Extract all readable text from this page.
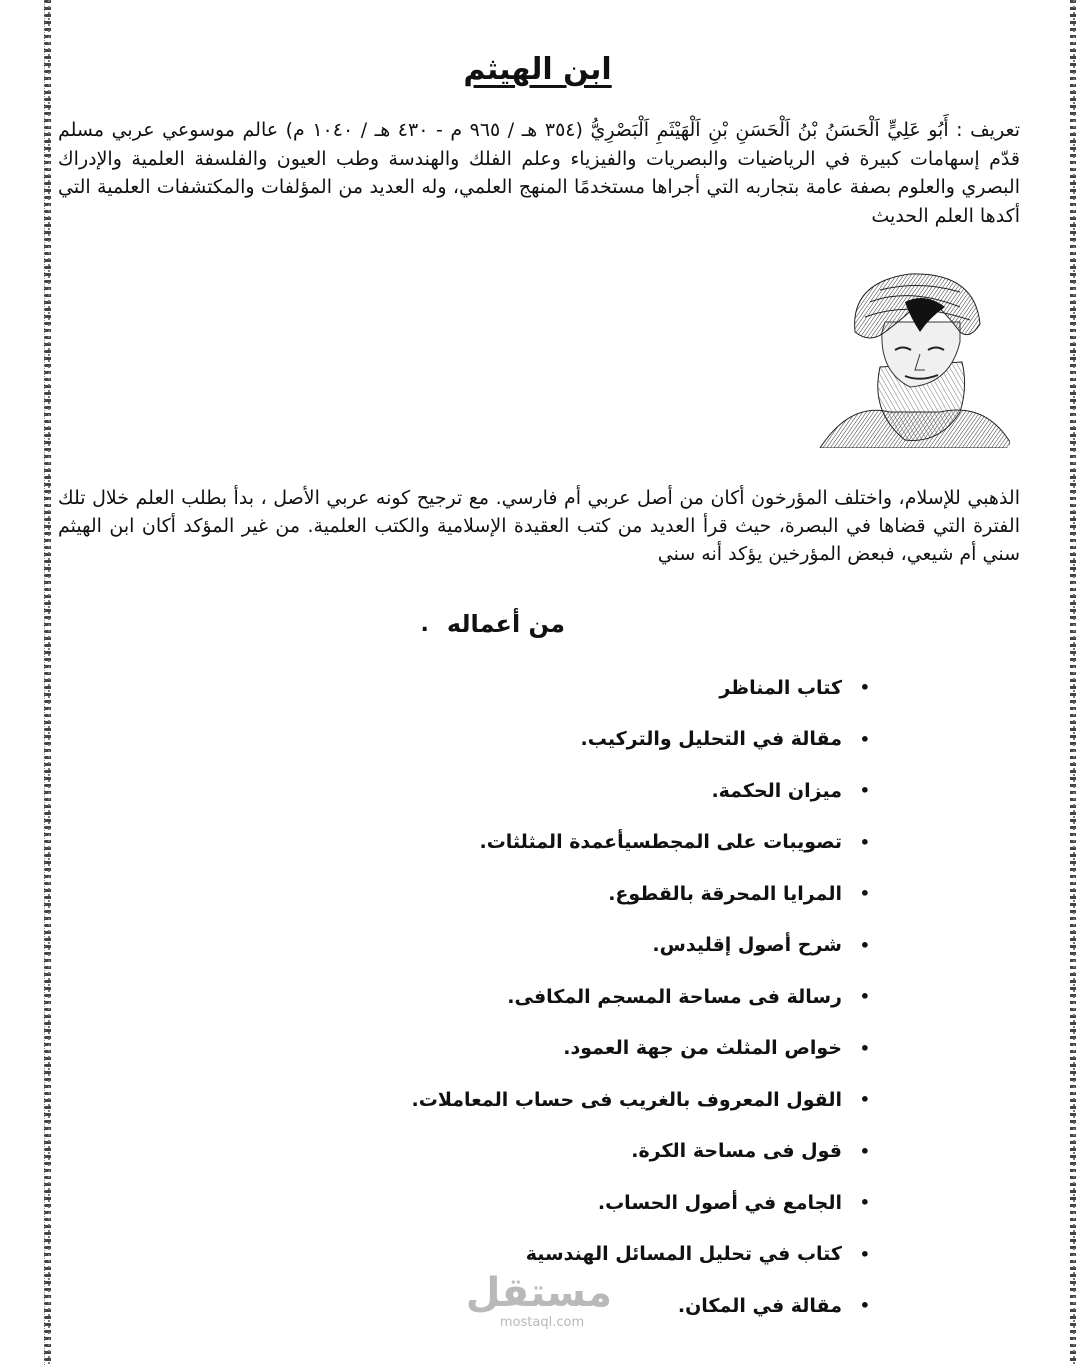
ابن الهيثم
تعريف : أَبُو عَلِيٍّ اَلْحَسَنُ بْنُ اَلْحَسَنِ بْنِ اَلْهَيْثَمِ اَلْبَصْرِيُّ (٣٥٤ هـ / ٩٦٥ م - ٤٣٠ هـ / ١٠٤٠ م) عالم موسوعي عربي مسلم قدّم إسهامات كبيرة في الرياضيات والبصريات والفيزياء وعلم الفلك والهندسة وطب العيون والفلسفة العلمية والإدراك البصري والعلوم بصفة عامة بتجاربه التي أجراها مستخدمًا المنهج العلمي، وله العديد من المؤلفات والمكتشفات العلمية التي أكدها العلم الحديث
الذهبي للإسلام، واختلف المؤرخون أكان من أصل عربي أم فارسي. مع ترجيح كونه عربي الأصل ، بدأ بطلب العلم خلال تلك الفترة التي قضاها في البصرة، حيث قرأ العديد من كتب العقيدة الإسلامية والكتب العلمية. من غير المؤكد أكان ابن الهيثم سني أم شيعي، فبعض المؤرخين يؤكد أنه سني
من أعماله
.
•
كتاب المناظر
•
مقالة في التحليل والتركيب.
•
ميزان الحكمة.
•
تصويبات على المجطسيأعمدة المثلثات.
•
المرايا المحرقة بالقطوع.
•
شرح أصول إقليدس.
•
رسالة فى مساحة المسجم المكافى.
•
خواص المثلث من جهة العمود.
•
القول المعروف بالغريب فى حساب المعاملات.
•
قول فى مساحة الكرة.
•
الجامع في أصول الحساب.
•
كتاب في تحليل المسائل الهندسية
•
مقالة في المكان.
مستقل
mostaql.com
